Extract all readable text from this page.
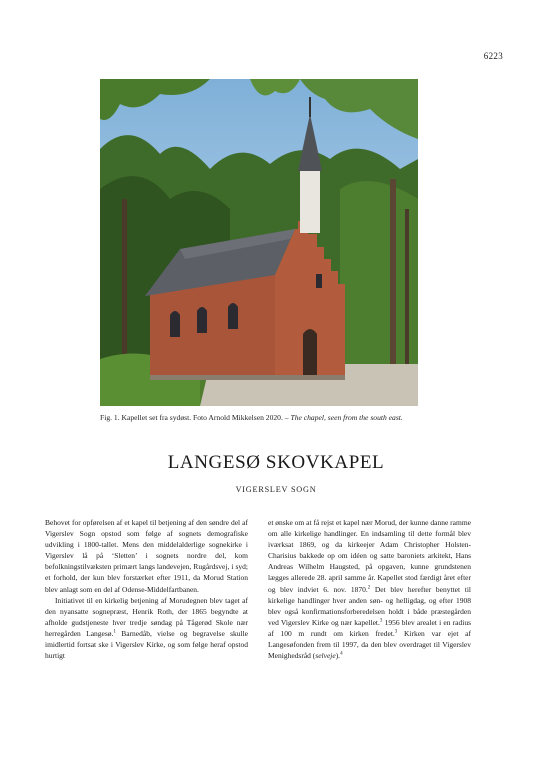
6223
Fig. 1. Kapellet set fra sydøst. Foto Arnold Mikkelsen 2020. – The chapel, seen from the south east.
LANGESØ SKOVKAPEL
VIGERSLEV SOGN

Behovet for opførelsen af et kapel til betjening af den søndre del af Vigerslev Sogn opstod som følge af sognets demografiske udvikling i 1800-tallet. Mens den middelalderlige sognekirke i Vigerslev lå på ‘Sletten’ i sognets nordre del, kom befolkningstilvæksten primært langs landevejen, Rugårdsvej, i syd; et forhold, der kun blev forstærket efter 1911, da Morud Station blev anlagt som en del af Odense-Middelfartbanen.

Initiativet til en kirkelig betjening af Morudegnen blev taget af den nyansatte sognepræst, Henrik Roth, der 1865 begyndte at afholde gudstjeneste hver tredje søndag på Tågerød Skole nær herregården Langesø.$^1$ Barnedåb, vielse og begravelse skulle imidlertid fortsat ske i Vigerslev Kirke, og som følge heraf opstod hurtigt

et ønske om at få rejst et kapel nær Morud, der kunne danne ramme om alle kirkelige handlinger. En indsamling til dette formål blev iværksat 1869, og da kirkeejer Adam Christopher Holsten-Charisius bakkede op om idéen og satte baroniets arkitekt, Hans Andreas Wilhelm Haugsted, på opgaven, kunne grundstenen lægges allerede 28. april samme år. Kapellet stod færdigt året efter og blev indviet 6. nov. 1870.$^2$ Det blev herefter benyttet til kirkelige handlinger hver anden søn- og helligdag, og efter 1908 blev også konfirmationsforberedelsen holdt i både præstegården ved Vigerslev Kirke og nær kapellet.$^3$ 1956 blev arealet i en radius af 100 m rundt om kirken fredet.$^3$ Kirken var ejet af Langesøfonden frem til 1997, da den blev overdraget til Vigerslev Menighedsråd (selveje).$^4$
